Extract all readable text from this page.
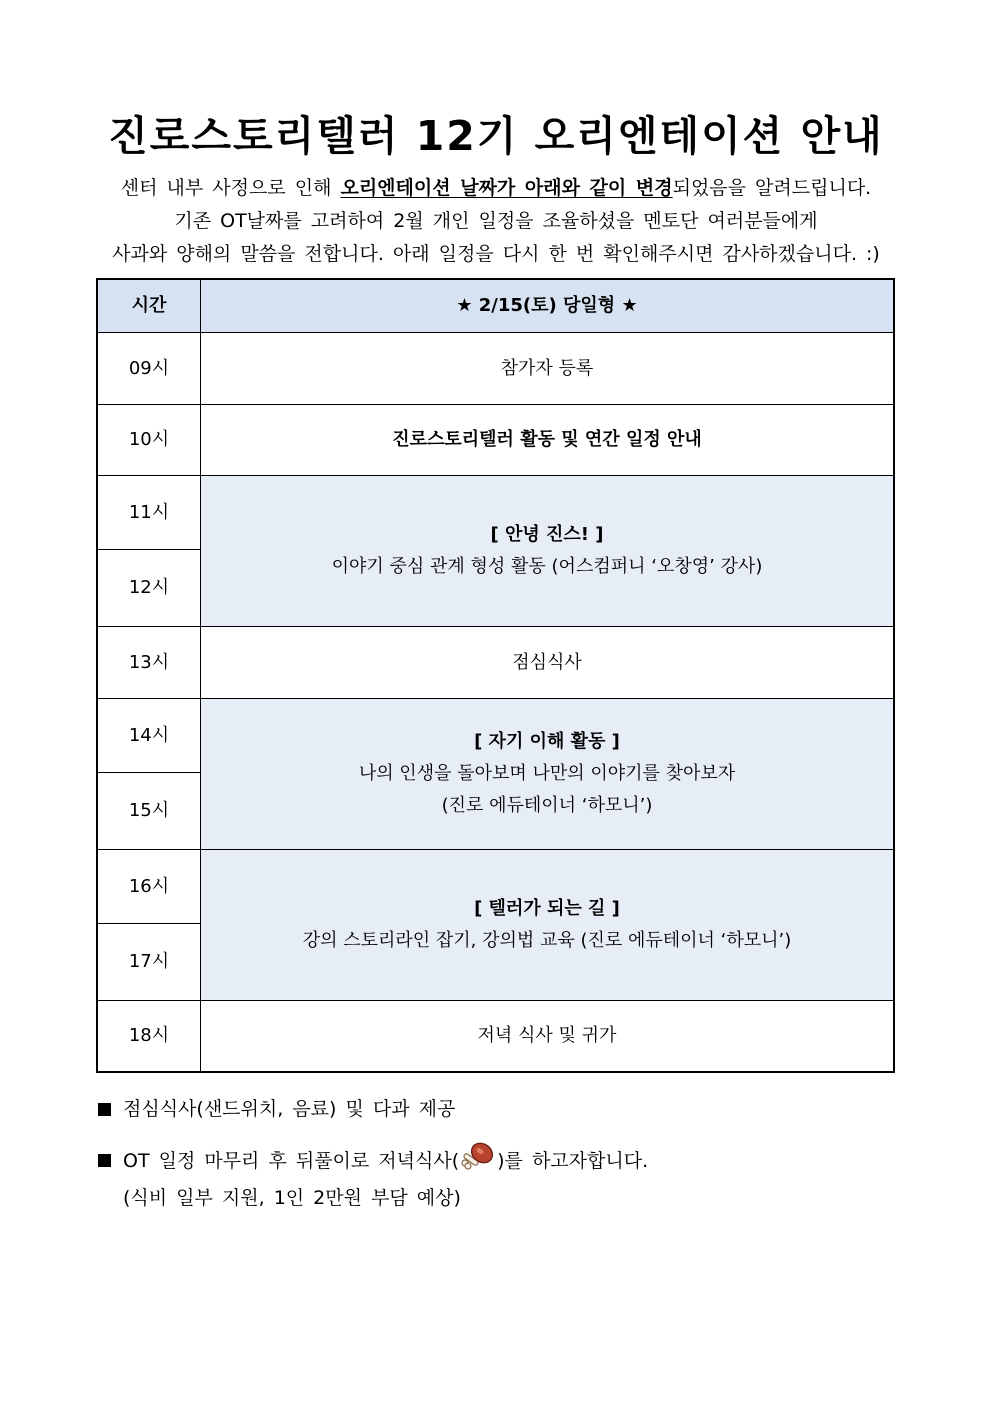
진로스토리텔러 12기 오리엔테이션 안내
센터 내부 사정으로 인해 오리엔테이션 날짜가 아래와 같이 변경되었음을 알려드립니다.
기존 OT날짜를 고려하여 2월 개인 일정을 조율하셨을 멘토단 여러분들에게
사과와 양해의 말씀을 전합니다. 아래 일정을 다시 한 번 확인해주시면 감사하겠습니다. :)
시간	★ 2/15(토) 당일형 ★
09시	참가자 등록
10시	진로스토리텔러 활동 및 연간 일정 안내
11시	[ 안녕 진스! ]
이야기 중심 관계 형성 활동 (어스컴퍼니 ‘오창영’ 강사)

12시	
13시	점심식사
14시	[ 자기 이해 활동 ]
나의 인생을 돌아보며 나만의 이야기를 찾아보자
(진로 에듀테이너 ‘하모니’)

15시	
16시	[ 텔러가 되는 길 ]
강의 스토리라인 잡기, 강의법 교육 (진로 에듀테이너 ‘하모니’)

17시	
18시	저녁 식사 및 귀가
점심식사(샌드위치, 음료) 및 다과 제공
OT 일정 마무리 후 뒤풀이로 저녁식사( )를 하고자합니다.
(식비 일부 지원, 1인 2만원 부담 예상)
